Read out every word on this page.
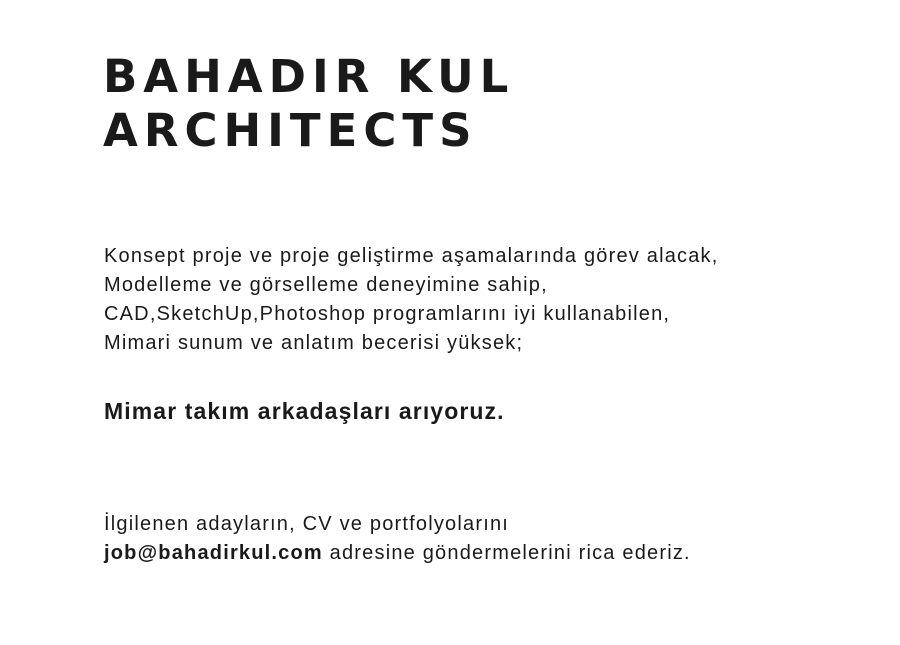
BAHADIR KUL
ARCHITECTS

Konsept proje ve proje geliştirme aşamalarında görev alacak,
Modelleme ve görselleme deneyimine sahip,
CAD,SketchUp,Photoshop programlarını iyi kullanabilen,
Mimari sunum ve anlatım becerisi yüksek;

Mimar takım arkadaşları arıyoruz.

İlgilenen adayların, CV ve portfolyolarını
job@bahadirkul.com adresine göndermelerini rica ederiz.
